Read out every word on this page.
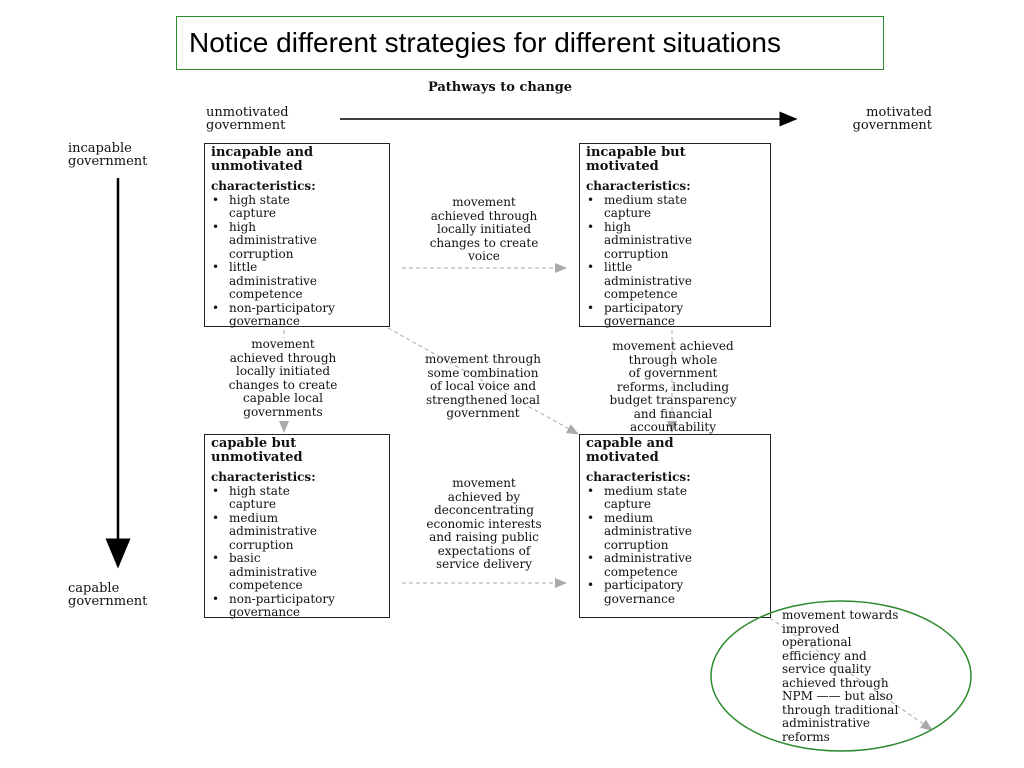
Notice different strategies for different situations
Pathways to change
unmotivated
government
motivated
government
incapable
government
capable
government
incapable and
unmotivated
characteristics:
• high state
capture
• high
administrative
corruption
• little
administrative
competence
• non-participatory
governance
incapable but
motivated
characteristics:
• medium state
capture
• high
administrative
corruption
• little
administrative
competence
• participatory
governance
capable but
unmotivated
characteristics:
• high state
capture
• medium
administrative
corruption
• basic
administrative
competence
• non-participatory
governance
capable and
motivated
characteristics:
• medium state
capture
• medium
administrative
corruption
• administrative
competence
• participatory
governance
movement
achieved through
locally initiated
changes to create
voice
movement
achieved through
locally initiated
changes to create
capable local
governments
movement through
some combination
of local voice and
strengthened local
government
movement achieved
through whole
of government
reforms, including
budget transparency
and financial
accountability
movement
achieved by
deconcentrating
economic interests
and raising public
expectations of
service delivery
movement towards
improved
operational
efficiency and
service quality
achieved through
NPM —— but also
through traditional
administrative
reforms
